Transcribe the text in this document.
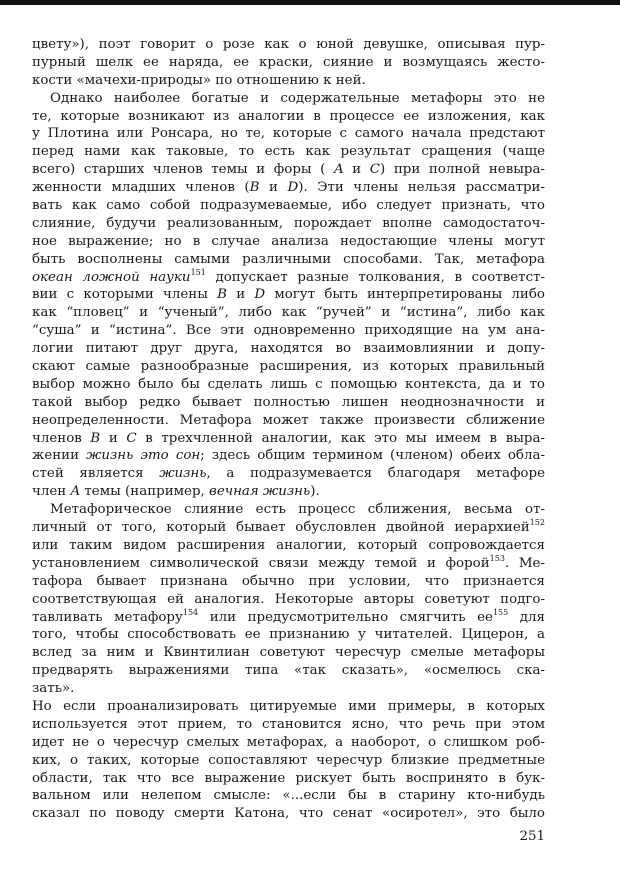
цвету»), поэт говорит о розе как о юной девушке, описывая пур-
пурный шелк ее наряда, ее краски, сияние и возмущаясь жесто-
кости «мачехи-природы» по отношению к ней.
Однако наиболее богатые и содержательные метафоры это не
те, которые возникают из аналогии в процессе ее изложения, как
у Плотина или Ронсара, но те, которые с самого начала предстают
перед нами как таковые, то есть как результат сращения (чаще
всего) старших членов темы и форы ( A и C) при полной невыра-
женности младших членов (B и D). Эти члены нельзя рассматри-
вать как само собой подразумеваемые, ибо следует признать, что
слияние, будучи реализованным, порождает вполне самодостаточ-
ное выражение; но в случае анализа недостающие члены могут
быть восполнены самыми различными способами. Так, метафора
океан ложной науки$^{151}$ допускает разные толкования, в соответст-
вии с которыми члены B и D могут быть интерпретированы либо
как “пловец” и “ученый”, либо как “ручей” и “истина”, либо как
“суша” и “истина”. Все эти одновременно приходящие на ум ана-
логии питают друг друга, находятся во взаимовлиянии и допу-
скают самые разнообразные расширения, из которых правильный
выбор можно было бы сделать лишь с помощью контекста, да и то
такой выбор редко бывает полностью лишен неоднозначности и
неопределенности. Метафора может также произвести сближение
членов B и C в трехчленной аналогии, как это мы имеем в выра-
жении жизнь это сон; здесь общим термином (членом) обеих обла-
стей является жизнь, а подразумевается благодаря метафоре
член A темы (например, вечная жизнь).
Метафорическое слияние есть процесс сближения, весьма от-
личный от того, который бывает обусловлен двойной иерархией$^{152}$
или таким видом расширения аналогии, который сопровождается
установлением символической связи между темой и форой$^{153}$. Ме-
тафора бывает признана обычно при условии, что признается
соответствующая ей аналогия. Некоторые авторы советуют подго-
тавливать метафору$^{154}$ или предусмотрительно смягчить $ее^{155}$ для
того, чтобы способствовать ее признанию у читателей. Цицерон, а
вслед за ним и Квинтилиан советуют чересчур смелые метафоры
предварять выражениями типа «так сказать», «осмелюсь ска-
зать».
Но если проанализировать цитируемые ими примеры, в которых
используется этот прием, то становится ясно, что речь при этом
идет не о чересчур смелых метафорах, а наоборот, о слишком роб-
ких, о таких, которые сопоставляют чересчур близкие предметные
области, так что все выражение рискует быть воспринято в бук-
вальном или нелепом смысле: «...если бы в старину кто-нибудь
сказал по поводу смерти Катона, что сенат «осиротел», это было
251
